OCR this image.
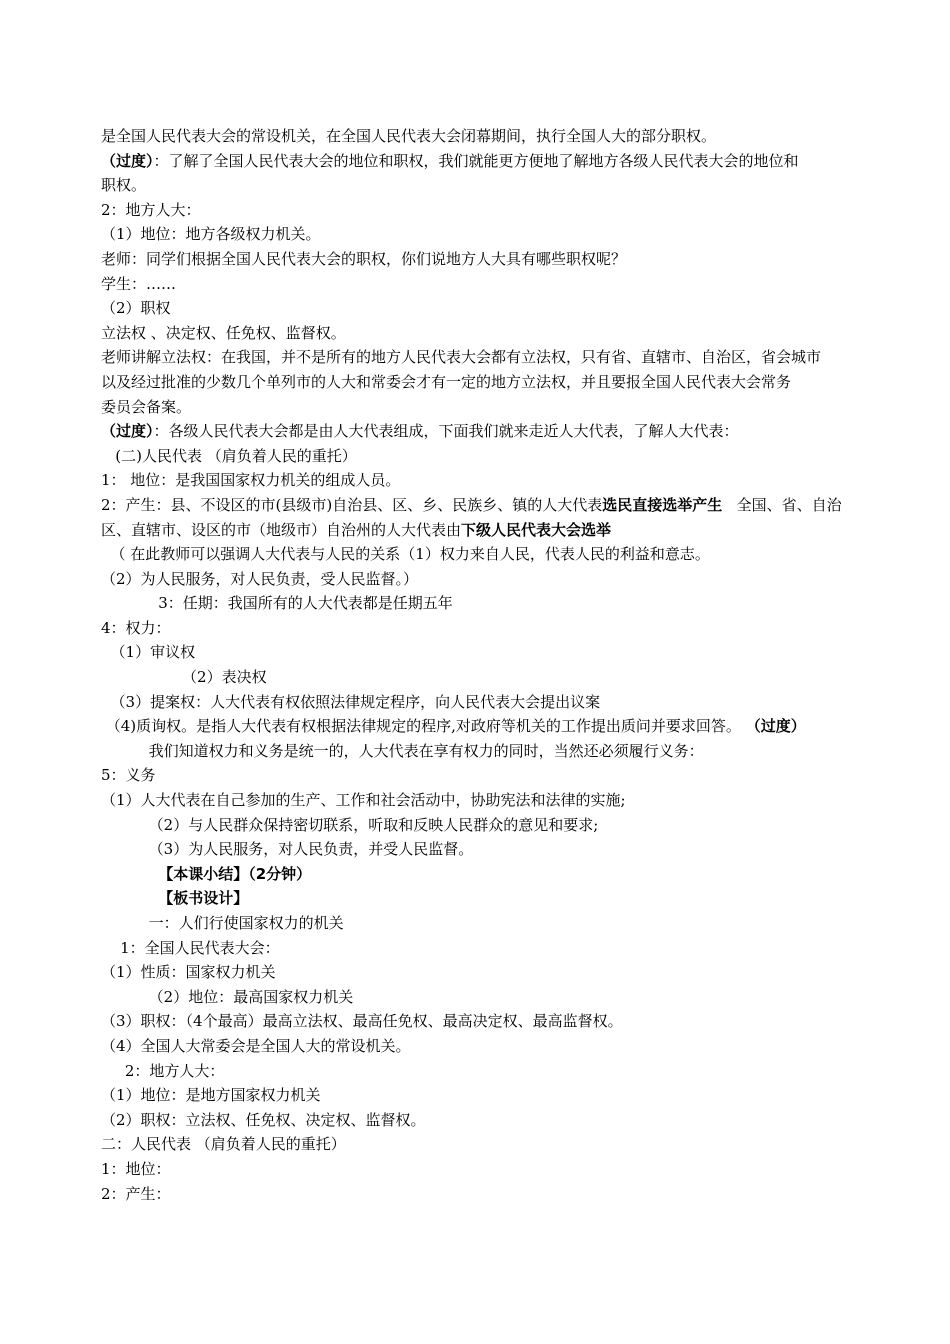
是全国人民代表大会的常设机关，在全国人民代表大会闭幕期间，执行全国人大的部分职权。
（过度）：了解了全国人民代表大会的地位和职权，我们就能更方便地了解地方各级人民代表大会的地位和
职权。
2：地方人大：
（1）地位：地方各级权力机关。
老师：同学们根据全国人民代表大会的职权，你们说地方人大具有哪些职权呢？
学生：……
（2）职权
立法权 、决定权、任免权、监督权。
老师讲解立法权：在我国，并不是所有的地方人民代表大会都有立法权，只有省、直辖市、自治区，省会城市
以及经过批准的少数几个单列市的人大和常委会才有一定的地方立法权，并且要报全国人民代表大会常务
委员会备案。
（过度）：各级人民代表大会都是由人大代表组成，下面我们就来走近人大代表，了解人大代表：
(二)人民代表 （肩负着人民的重托）
1： 地位：是我国国家权力机关的组成人员。
2：产生：县、不设区的市(县级市)自治县、区、乡、民族乡、镇的人大代表选民直接选举产生   全国、省、自治
区、直辖市、设区的市（地级市）自治州的人大代表由下级人民代表大会选举
（ 在此教师可以强调人大代表与人民的关系（1）权力来自人民，代表人民的利益和意志。
（2）为人民服务，对人民负责，受人民监督。）
3：任期：我国所有的人大代表都是任期五年
4：权力：
（1）审议权
（2）表决权
（3）提案权：人大代表有权依照法律规定程序，向人民代表大会提出议案
（4)质询权。是指人大代表有权根据法律规定的程序,对政府等机关的工作提出质问并要求回答。 （过度）
我们知道权力和义务是统一的，人大代表在享有权力的同时，当然还必须履行义务：
5：义务
（1）人大代表在自己参加的生产、工作和社会活动中，协助宪法和法律的实施;
（2）与人民群众保持密切联系，听取和反映人民群众的意见和要求;
（3）为人民服务，对人民负责，并受人民监督。
【本课小结】（2分钟）
【板书设计】
一：人们行使国家权力的机关
1：全国人民代表大会：
（1）性质：国家权力机关
（2）地位：最高国家权力机关
（3）职权：（4个最高）最高立法权、最高任免权、最高决定权、最高监督权。
（4）全国人大常委会是全国人大的常设机关。
2：地方人大：
（1）地位：是地方国家权力机关
（2）职权：立法权、任免权、决定权、监督权。
二：人民代表 （肩负着人民的重托）
1：地位：
2：产生：
